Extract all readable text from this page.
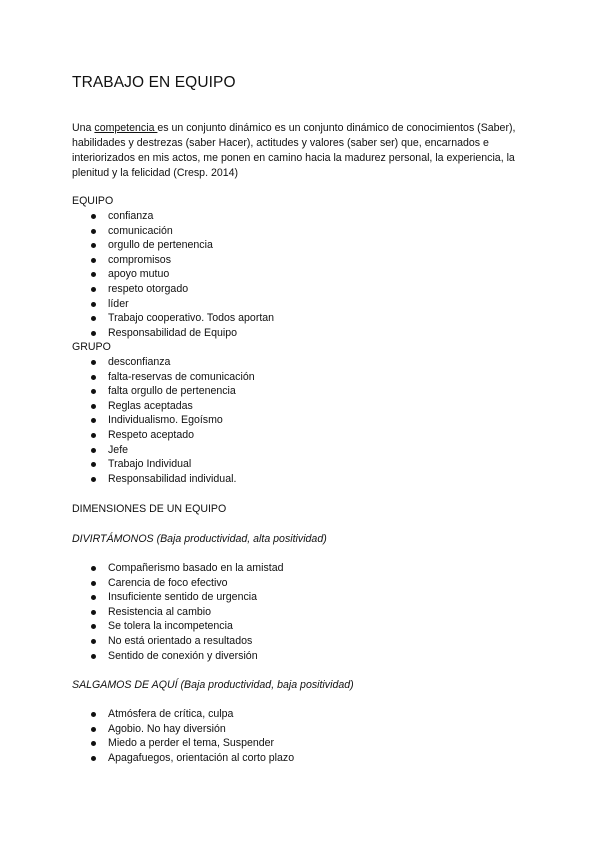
TRABAJO EN EQUIPO

Una competencia es un conjunto dinámico es un conjunto dinámico de conocimientos (Saber), habilidades y destrezas (saber Hacer), actitudes y valores (saber ser) que, encarnados e interiorizados en mis actos, me ponen en camino hacia la madurez personal, la experiencia, la plenitud y la felicidad (Cresp. 2014)

EQUIPO
confianza
comunicación
orgullo de pertenencia
compromisos
apoyo mutuo
respeto otorgado
líder
Trabajo cooperativo. Todos aportan
Responsabilidad de Equipo
GRUPO
desconfianza
falta-reservas de comunicación
falta orgullo de pertenencia
Reglas aceptadas
Individualismo. Egoísmo
Respeto aceptado
Jefe
Trabajo Individual
Responsabilidad individual.
DIMENSIONES DE UN EQUIPO
DIVIRTÁMONOS (Baja productividad, alta positividad)
Compañerismo basado en la amistad
Carencia de foco efectivo
Insuficiente sentido de urgencia
Resistencia al cambio
Se tolera la incompetencia
No está orientado a resultados
Sentido de conexión y diversión
SALGAMOS DE AQUÍ (Baja productividad, baja positividad)
Atmósfera de crítica, culpa
Agobio. No hay diversión
Miedo a perder el tema, Suspender
Apagafuegos, orientación al corto plazo
